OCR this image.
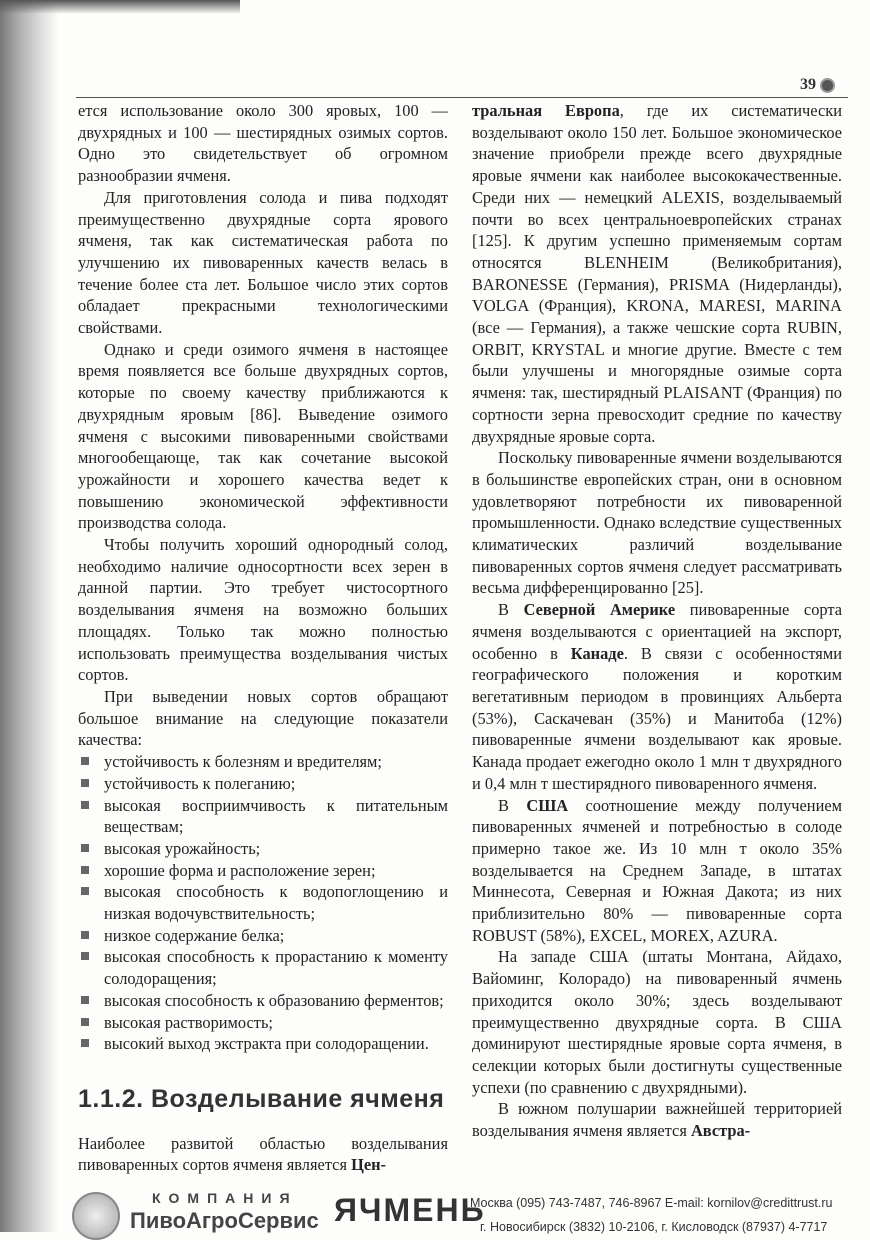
39

ется использование около 300 яровых, 100 — двухрядных и 100 — шестирядных озимых сортов. Одно это свидетельствует об огромном разнообразии ячменя.

Для приготовления солода и пива подходят преимущественно двухрядные сорта ярового ячменя, так как систематическая работа по улучшению их пивоваренных качеств велась в течение более ста лет. Большое число этих сортов обладает прекрасными технологическими свойствами.

Однако и среди озимого ячменя в настоящее время появляется все больше двухрядных сортов, которые по своему качеству приближаются к двухрядным яровым [86]. Выведение озимого ячменя с высокими пивоваренными свойствами многообещающе, так как сочетание высокой урожайности и хорошего качества ведет к повышению экономической эффективности производства солода.

Чтобы получить хороший однородный солод, необходимо наличие односортности всех зерен в данной партии. Это требует чистосортного возделывания ячменя на возможно больших площадях. Только так можно полностью использовать преимущества возделывания чистых сортов.

При выведении новых сортов обращают большое внимание на следующие показатели качества:

устойчивость к болезням и вредителям;
устойчивость к полеганию;
высокая восприимчивость к питательным веществам;
высокая урожайность;
хорошие форма и расположение зерен;
высокая способность к водопоглощению и низкая водочувствительность;
низкое содержание белка;
высокая способность к прорастанию к моменту солодоращения;
высокая способность к образованию ферментов;
высокая растворимость;
высокий выход экстракта при солодоращении.
1.1.2. Возделывание ячменя

Наиболее развитой областью возделывания пивоваренных сортов ячменя является Цен-

тральная Европа, где их систематически возделывают около 150 лет. Большое экономическое значение приобрели прежде всего двухрядные яровые ячмени как наиболее высококачественные. Среди них — немецкий ALEXIS, возделываемый почти во всех центральноевропейских странах [125]. К другим успешно применяемым сортам относятся BLENHEIM (Великобритания), BARONESSE (Германия), PRISMA (Нидерланды), VOLGA (Франция), KRONA, MARESI, MARINA (все — Германия), а также чешские сорта RUBIN, ORBIT, KRYSTAL и многие другие. Вместе с тем были улучшены и многорядные озимые сорта ячменя: так, шестирядный PLAISANT (Франция) по сортности зерна превосходит средние по качеству двухрядные яровые сорта.

Поскольку пивоваренные ячмени возделываются в большинстве европейских стран, они в основном удовлетворяют потребности их пивоваренной промышленности. Однако вследствие существенных климатических различий возделывание пивоваренных сортов ячменя следует рассматривать весьма дифференцированно [25].

В Северной Америке пивоваренные сорта ячменя возделываются с ориентацией на экспорт, особенно в Канаде. В связи с особенностями географического положения и коротким вегетативным периодом в провинциях Альберта (53%), Саскачеван (35%) и Манитоба (12%) пивоваренные ячмени возделывают как яровые. Канада продает ежегодно около 1 млн т двухрядного и 0,4 млн т шестирядного пивоваренного ячменя.

В США соотношение между получением пивоваренных ячменей и потребностью в солоде примерно такое же. Из 10 млн т около 35% возделывается на Среднем Западе, в штатах Миннесота, Северная и Южная Дакота; из них приблизительно 80% — пивоваренные сорта ROBUST (58%), EXCEL, MOREX, AZURA.

На западе США (штаты Монтана, Айдахо, Вайоминг, Колорадо) на пивоваренный ячмень приходится около 30%; здесь возделывают преимущественно двухрядные сорта. В США доминируют шестирядные яровые сорта ячменя, в селекции которых были достигнуты существенные успехи (по сравнению с двухрядными).

В южном полушарии важнейшей территорией возделывания ячменя является Австра-

КОМПАНИЯ
ПивоАгроСервис ЯЧМЕНЬ
Москва (095) 743-7487, 746-8967 E-mail: kornilov@credittrust.ru
г. Новосибирск (3832) 10-2106, г. Кисловодск (87937) 4-7717
